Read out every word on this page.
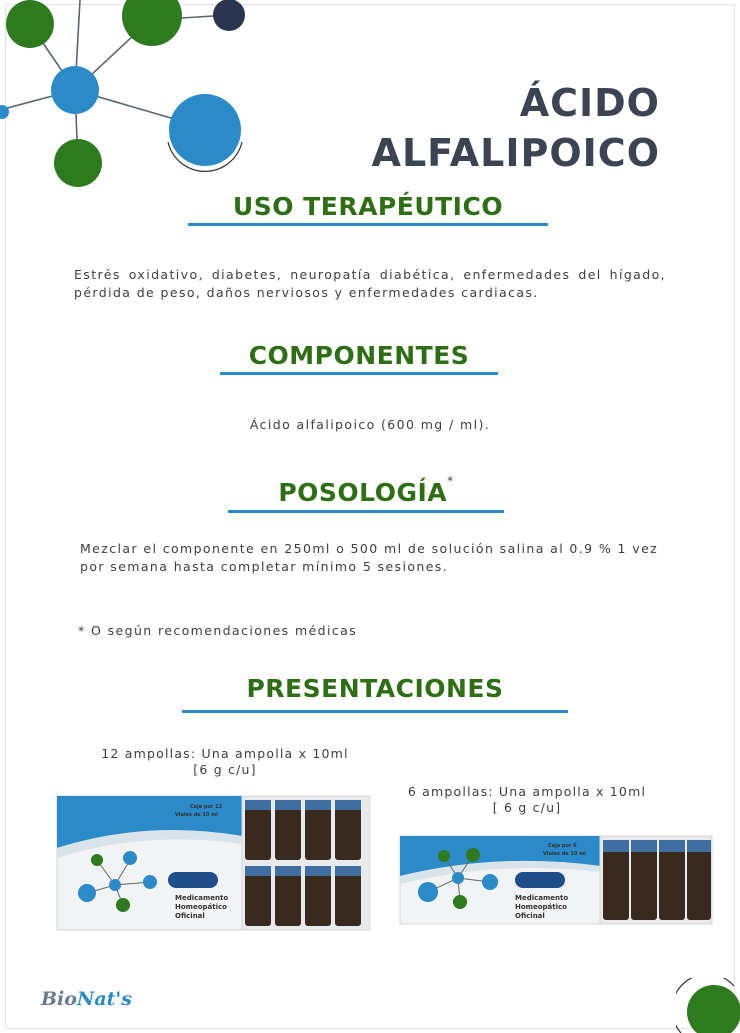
ÁCIDO
ALFALIPOICO
USO TERAPÉUTICO
Estrés oxidativo, diabetes, neuropatía diabética, enfermedades del hígado, pérdida de peso, daños nerviosos y enfermedades cardiacas.
COMPONENTES
Ácido alfalipoico (600 mg / ml).
POSOLOGÍA*
Mezclar el componente en 250ml o 500 ml de solución salina al 0.9 % 1 vez
por semana hasta completar mínimo 5 sesiones.
* O según recomendaciones médicas
PRESENTACIONES
12 ampollas: Una ampolla x 10ml
[6 g c/u]
6 ampollas: Una ampolla x 10ml
[ 6 g c/u]
Medicamento
Homeopático
Oficinal
Caja por 12
Viales de 10 ml
Medicamento
Homeopático
Oficinal
Caja por 6
Viales de 10 ml
BioNat's
